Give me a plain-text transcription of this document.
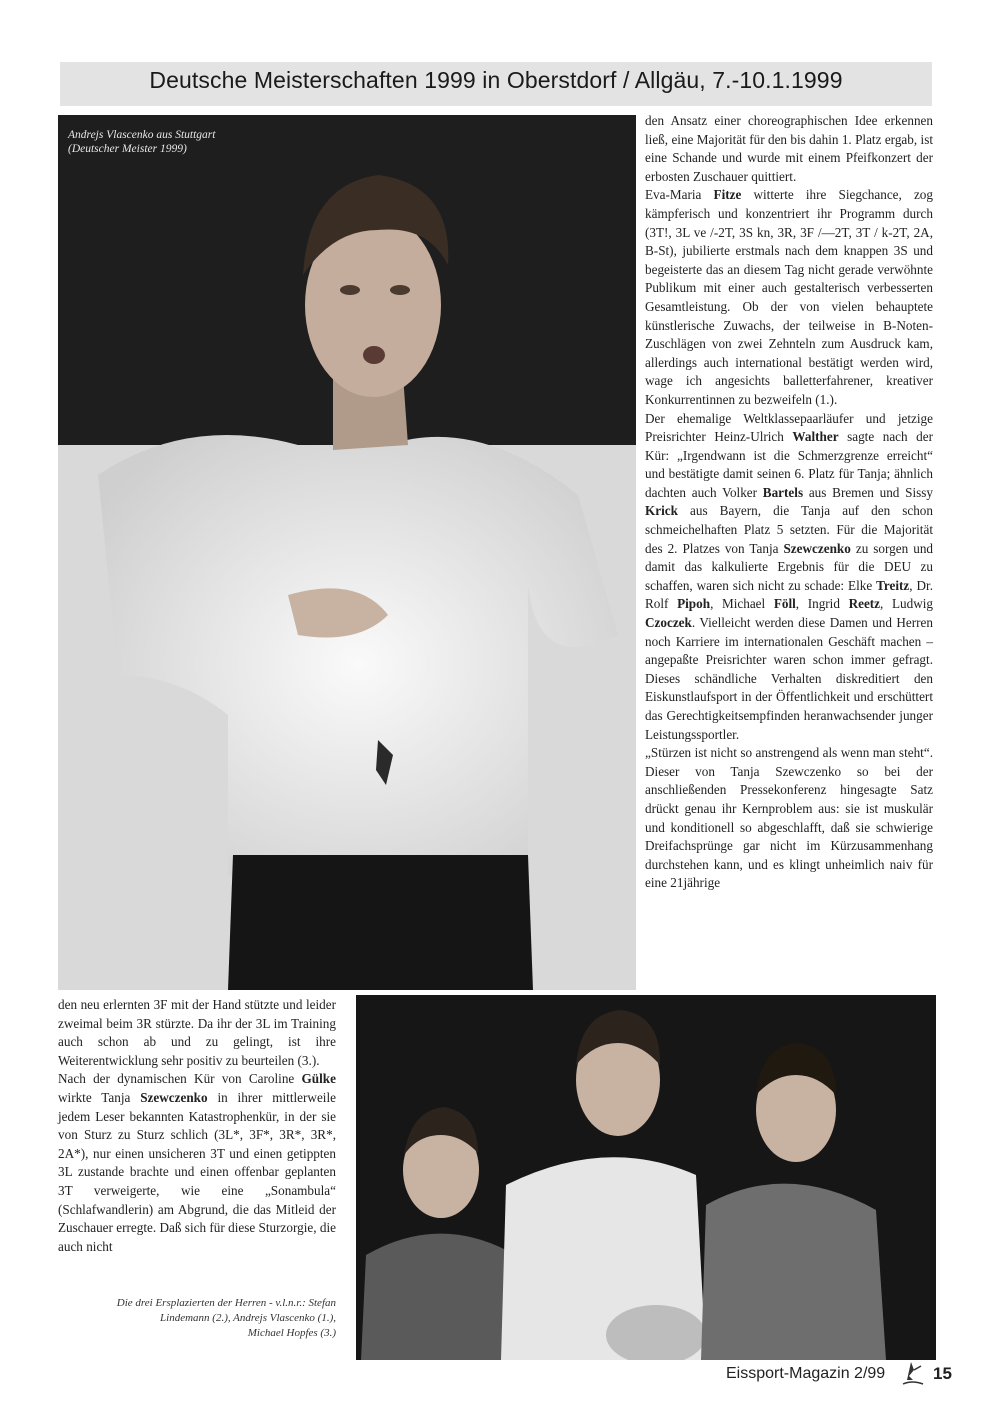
Deutsche Meisterschaften 1999 in Oberstdorf / Allgäu, 7.-10.1.1999
Andrejs Vlascenko aus Stuttgart
(Deutscher Meister 1999)

den Ansatz einer choreographischen Idee erkennen ließ, eine Majorität für den bis dahin 1. Platz ergab, ist eine Schande und wurde mit einem Pfeifkonzert der erbosten Zuschauer quittiert.

Eva-Maria Fitze witterte ihre Siegchance, zog kämpferisch und konzentriert ihr Programm durch (3T!, 3L ve /-2T, 3S kn, 3R, 3F /—2T, 3T / k-2T, 2A, B-St), jubilierte erstmals nach dem knappen 3S und begeisterte das an diesem Tag nicht gerade verwöhnte Publikum mit einer auch gestalterisch verbesserten Gesamtleistung. Ob der von vielen behauptete künstlerische Zuwachs, der teilweise in B-Noten-Zuschlägen von zwei Zehnteln zum Ausdruck kam, allerdings auch international bestätigt werden wird, wage ich angesichts balletterfahrener, kreativer Konkurrentinnen zu bezweifeln (1.).

Der ehemalige Weltklassepaarläufer und jetzige Preisrichter Heinz-Ulrich Walther sagte nach der Kür: „Irgendwann ist die Schmerzgrenze erreicht“ und bestätigte damit seinen 6. Platz für Tanja; ähnlich dachten auch Volker Bartels aus Bremen und Sissy Krick aus Bayern, die Tanja auf den schon schmeichelhaften Platz 5 setzten. Für die Majorität des 2. Platzes von Tanja Szewczenko zu sorgen und damit das kalkulierte Ergebnis für die DEU zu schaffen, waren sich nicht zu schade: Elke Treitz, Dr. Rolf Pipoh, Michael Föll, Ingrid Reetz, Ludwig Czoczek. Vielleicht werden diese Damen und Herren noch Karriere im internationalen Geschäft machen – angepaßte Preisrichter waren schon immer gefragt. Dieses schändliche Verhalten diskreditiert den Eiskunstlaufsport in der Öffentlichkeit und erschüttert das Gerechtigkeitsempfinden heranwachsender junger Leistungssportler.

„Stürzen ist nicht so anstrengend als wenn man steht“. Dieser von Tanja Szewczenko so bei der anschließenden Pressekonferenz hingesagte Satz drückt genau ihr Kernproblem aus: sie ist muskulär und konditionell so abgeschlafft, daß sie schwierige Dreifachsprünge gar nicht im Kürzusammenhang durchstehen kann, und es klingt unheimlich naiv für eine 21jährige

den neu erlernten 3F mit der Hand stützte und leider zweimal beim 3R stürzte. Da ihr der 3L im Training auch schon ab und zu gelingt, ist ihre Weiterentwicklung sehr positiv zu beurteilen (3.).

Nach der dynamischen Kür von Caroline Gülke wirkte Tanja Szewczenko in ihrer mittlerweile jedem Leser bekannten Katastrophenkür, in der sie von Sturz zu Sturz schlich (3L*, 3F*, 3R*, 3R*, 2A*), nur einen unsicheren 3T und einen getippten 3L zustande brachte und einen offenbar geplanten 3T verweigerte, wie eine „Sonambula“ (Schlafwandlerin) am Abgrund, die das Mitleid der Zuschauer erregte. Daß sich für diese Sturzorgie, die auch nicht

Die drei Ersplazierten der Herren - v.l.n.r.: Stefan
Lindemann (2.), Andrejs Vlascenko (1.),
Michael Hopfes (3.)
Eissport-Magazin 2/99	15
